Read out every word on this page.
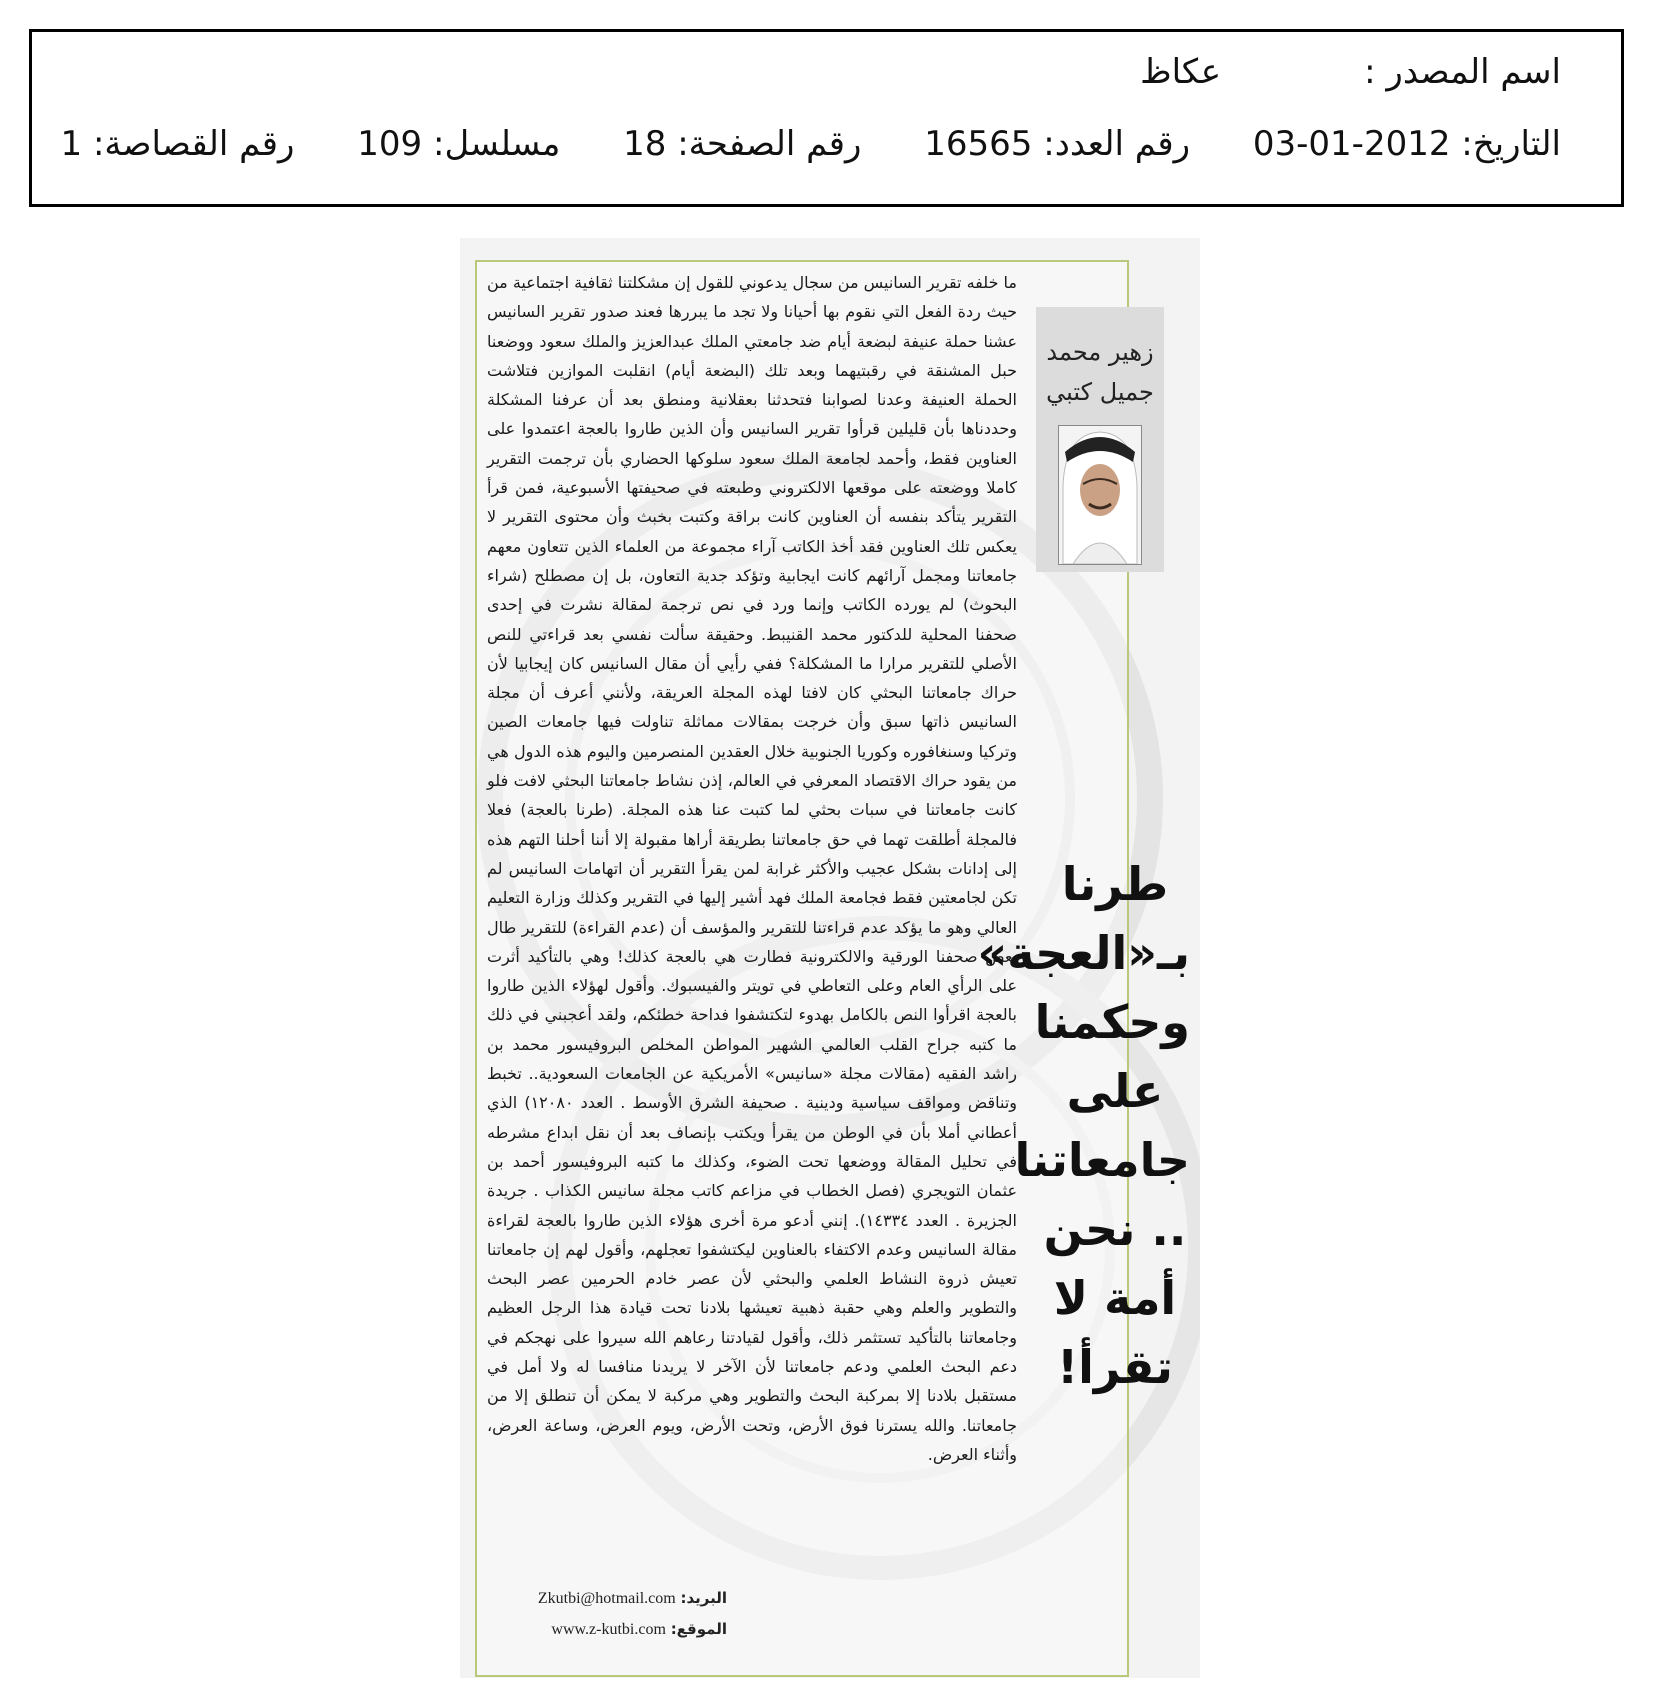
اسم المصدر :
عكاظ
التاريخ: 2012-01-03 رقم العدد: 16565 رقم الصفحة: 18 مسلسل: 109 رقم القصاصة: 1

ما خلفه تقرير السانيس من سجال يدعوني للقول إن مشكلتنا ثقافية اجتماعية من حيث ردة الفعل التي نقوم بها أحيانا ولا تجد ما يبررها فعند صدور تقرير السانيس عشنا حملة عنيفة لبضعة أيام ضد جامعتي الملك عبدالعزيز والملك سعود ووضعنا حبل المشنقة في رقبتيهما وبعد تلك (البضعة أيام) انقلبت الموازين فتلاشت الحملة العنيفة وعدنا لصوابنا فتحدثنا بعقلانية ومنطق بعد أن عرفنا المشكلة وحددناها بأن قليلين قرأوا تقرير السانيس وأن الذين طاروا بالعجة اعتمدوا على العناوين فقط، وأحمد لجامعة الملك سعود سلوكها الحضاري بأن ترجمت التقرير كاملا ووضعته على موقعها الالكتروني وطبعته في صحيفتها الأسبوعية، فمن قرأ التقرير يتأكد بنفسه أن العناوين كانت براقة وكتبت بخبث وأن محتوى التقرير لا يعكس تلك العناوين فقد أخذ الكاتب آراء مجموعة من العلماء الذين تتعاون معهم جامعاتنا ومجمل آرائهم كانت ايجابية وتؤكد جدية التعاون، بل إن مصطلح (شراء البحوث) لم يورده الكاتب وإنما ورد في نص ترجمة لمقالة نشرت في إحدى صحفنا المحلية للدكتور محمد القنيبط. وحقيقة سألت نفسي بعد قراءتي للنص الأصلي للتقرير مرارا ما المشكلة؟ ففي رأيي أن مقال السانيس كان إيجابيا لأن حراك جامعاتنا البحثي كان لافتا لهذه المجلة العريقة، ولأنني أعرف أن مجلة السانيس ذاتها سبق وأن خرجت بمقالات مماثلة تناولت فيها جامعات الصين وتركيا وسنغافوره وكوريا الجنوبية خلال العقدين المنصرمين واليوم هذه الدول هي من يقود حراك الاقتصاد المعرفي في العالم، إذن نشاط جامعاتنا البحثي لافت فلو كانت جامعاتنا في سبات بحثي لما كتبت عنا هذه المجلة. (طرنا بالعجة) فعلا فالمجلة أطلقت تهما في حق جامعاتنا بطريقة أراها مقبولة إلا أننا أحلنا التهم هذه إلى إدانات بشكل عجيب والأكثر غرابة لمن يقرأ التقرير أن اتهامات السانيس لم تكن لجامعتين فقط فجامعة الملك فهد أشير إليها في التقرير وكذلك وزارة التعليم العالي وهو ما يؤكد عدم قراءتنا للتقرير والمؤسف أن (عدم القراءة) للتقرير طال بعض صحفنا الورقية والالكترونية فطارت هي بالعجة كذلك! وهي بالتأكيد أثرت على الرأي العام وعلى التعاطي في تويتر والفيسبوك. وأقول لهؤلاء الذين طاروا بالعجة اقرأوا النص بالكامل بهدوء لتكتشفوا فداحة خطئكم، ولقد أعجبني في ذلك ما كتبه جراح القلب العالمي الشهير المواطن المخلص البروفيسور محمد بن راشد الفقيه (مقالات مجلة «سانيس» الأمريكية عن الجامعات السعودية.. تخبط وتناقض ومواقف سياسية ودينية . صحيفة الشرق الأوسط . العدد ١٢٠٨٠) الذي أعطاني أملا بأن في الوطن من يقرأ ويكتب بإنصاف بعد أن نقل ابداع مشرطه في تحليل المقالة ووضعها تحت الضوء، وكذلك ما كتبه البروفيسور أحمد بن عثمان التويجري (فصل الخطاب في مزاعم كاتب مجلة سانيس الكذاب . جريدة الجزيرة . العدد ١٤٣٣٤). إنني أدعو مرة أخرى هؤلاء الذين طاروا بالعجة لقراءة مقالة السانيس وعدم الاكتفاء بالعناوين ليكتشفوا تعجلهم، وأقول لهم إن جامعاتنا تعيش ذروة النشاط العلمي والبحثي لأن عصر خادم الحرمين عصر البحث والتطوير والعلم وهي حقبة ذهبية تعيشها بلادنا تحت قيادة هذا الرجل العظيم وجامعاتنا بالتأكيد تستثمر ذلك، وأقول لقيادتنا رعاهم الله سيروا على نهجكم في دعم البحث العلمي ودعم جامعاتنا لأن الآخر لا يريدنا منافسا له ولا أمل في مستقبل بلادنا إلا بمركبة البحث والتطوير وهي مركبة لا يمكن أن تنطلق إلا من جامعاتنا. والله يسترنا فوق الأرض، وتحت الأرض، ويوم العرض، وساعة العرض، وأثناء العرض.

البريد: Zkutbi@hotmail.com
الموقع: www.z-kutbi.com
زهير محمد
جميل كتبي
طرنا
بـ«العجة»
وحكمنا
على
جامعاتنا
.. نحن
أمة لا
تقرأ!
